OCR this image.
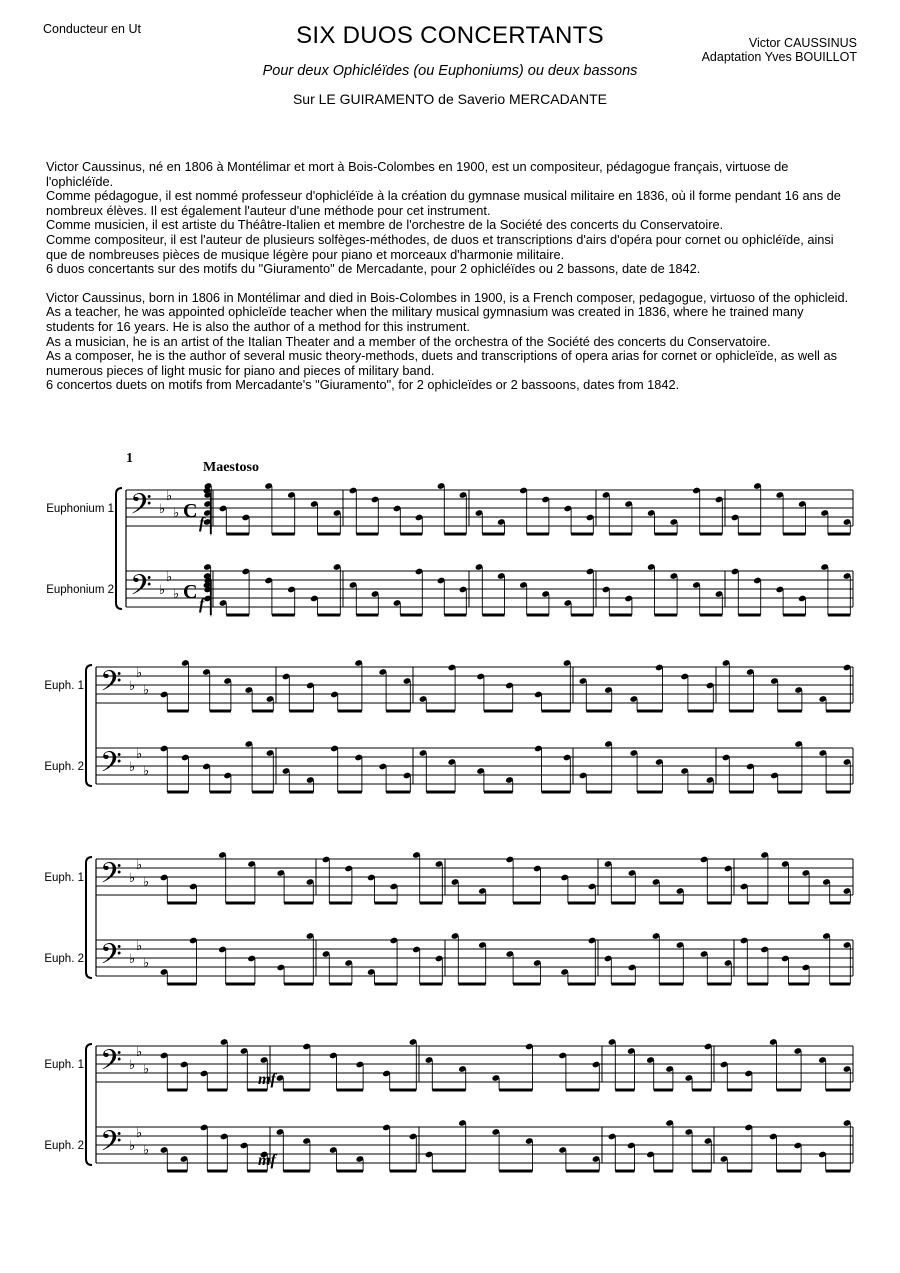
Conducteur en Ut	SIX DUOS CONCERTANTS
Pour deux Ophicléïdes (ou Euphoniums) ou deux bassons
Sur LE GUIRAMENTO de Saverio MERCADANTE
Victor CAUSSINUS
Adaptation Yves BOUILLOT

Victor Caussinus, né en 1806 à Montélimar et mort à Bois-Colombes en 1900, est un compositeur, pédagogue français, virtuose de l'ophicléïde.
Comme pédagogue, il est nommé professeur d'ophicléïde à la création du gymnase musical militaire en 1836, où il forme pendant 16 ans de nombreux élèves. Il est également l'auteur d'une méthode pour cet instrument.
Comme musicien, il est artiste du Théâtre-Italien et membre de l'orchestre de la Société des concerts du Conservatoire.
Comme compositeur, il est l'auteur de plusieurs solfèges-méthodes, de duos et transcriptions d'airs d'opéra pour cornet ou ophicléïde, ainsi que de nombreuses pièces de musique légère pour piano et morceaux d'harmonie militaire.
6 duos concertants sur des motifs du "Giuramento" de Mercadante, pour 2 ophicléïdes ou 2 bassons, date de 1842.

Victor Caussinus, born in 1806 in Montélimar and died in Bois-Colombes in 1900, is a French composer, pedagogue, virtuoso of the ophicleid.
As a teacher, he was appointed ophicleïde teacher when the military musical gymnasium was created in 1836, where he trained many students for 16 years. He is also the author of a method for this instrument.
As a musician, he is an artist of the Italian Theater and a member of the orchestra of the Société des concerts du Conservatoire.
As a composer, he is the author of several music theory-methods, duets and transcriptions of opera arias for cornet or ophicleïde, as well as numerous pieces of light music for piano and pieces of military band.
6 concertos duets on motifs from Mercadante's "Giuramento", for 2 ophicleïdes or 2 bassoons, dates from 1842.

1
Maestoso
Euphonium 1 𝄢 ♭
♭
♭ C
Euphonium 2 𝄢 ♭
♭
♭ C
f
f
Euph. 1 𝄢 ♭
♭
♭
Euph. 2 𝄢 ♭
♭
♭
Euph. 1 𝄢 ♭
♭
♭
Euph. 2 𝄢 ♭
♭
♭
Euph. 1 𝄢 ♭
♭
♭
Euph. 2 𝄢 ♭
♭
♭
mf
mf
